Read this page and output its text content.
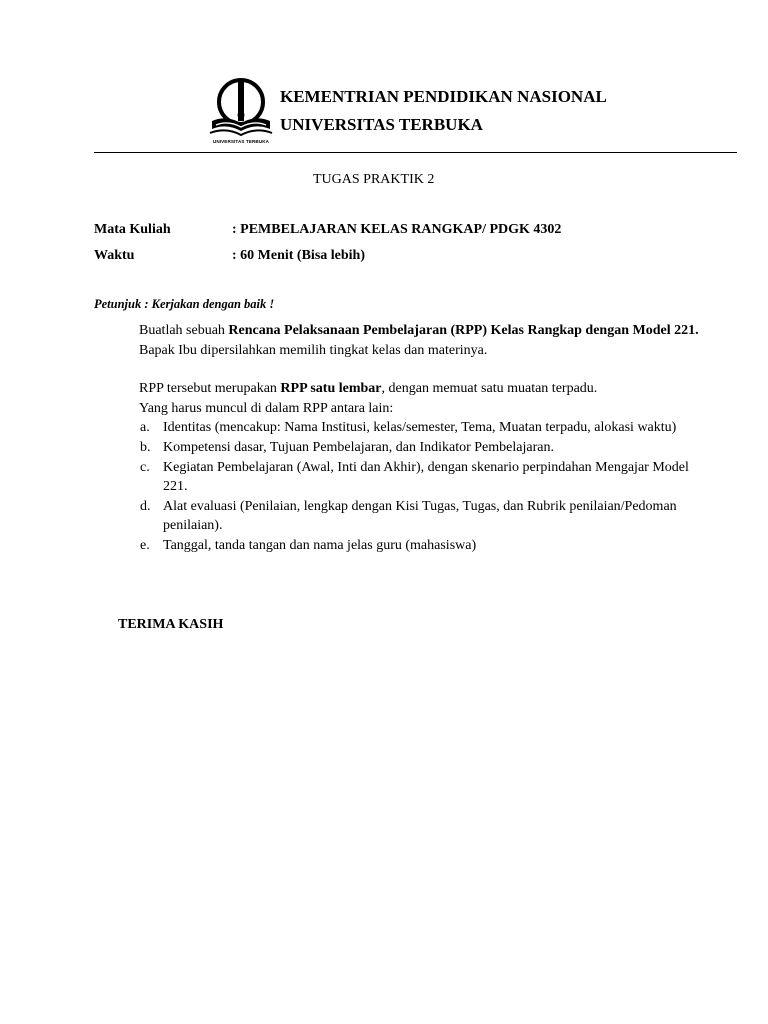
UNIVERSITAS TERBUKA
KEMENTRIAN PENDIDIKAN NASIONAL
UNIVERSITAS TERBUKA
TUGAS PRAKTIK 2
Mata Kuliah	: PEMBELAJARAN KELAS RANGKAP/ PDGK 4302
Waktu	: 60 Menit (Bisa lebih)
Petunjuk : Kerjakan dengan baik !
Buatlah sebuah Rencana Pelaksanaan Pembelajaran (RPP) Kelas Rangkap dengan Model 221. Bapak Ibu dipersilahkan memilih tingkat kelas dan materinya.
RPP tersebut merupakan RPP satu lembar, dengan memuat satu muatan terpadu.
Yang harus muncul di dalam RPP antara lain:
a. Identitas (mencakup: Nama Institusi, kelas/semester, Tema, Muatan terpadu, alokasi waktu)
b. Kompetensi dasar, Tujuan Pembelajaran, dan Indikator Pembelajaran.
c. Kegiatan Pembelajaran (Awal, Inti dan Akhir), dengan skenario perpindahan Mengajar Model 221.
d. Alat evaluasi (Penilaian, lengkap dengan Kisi Tugas, Tugas, dan Rubrik penilaian/Pedoman penilaian).
e. Tanggal, tanda tangan dan nama jelas guru (mahasiswa)
TERIMA KASIH
